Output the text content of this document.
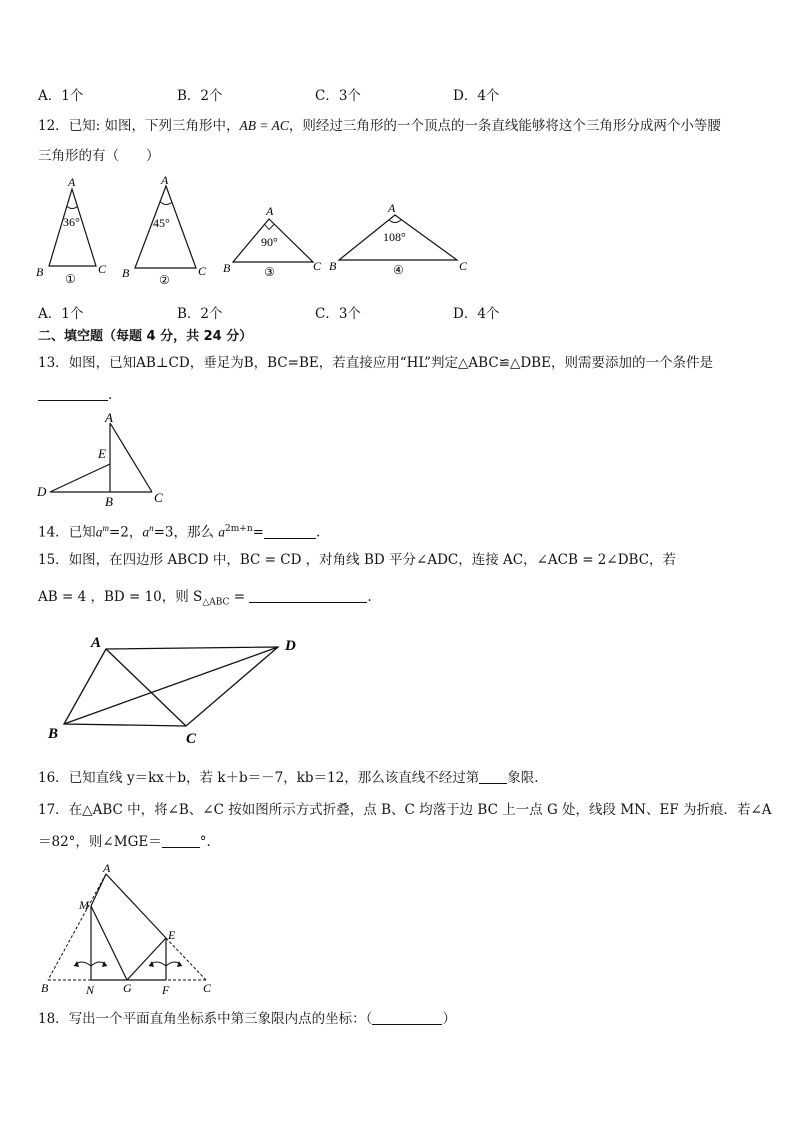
A．1个	B．2个	C．3个	D．4个
12．已知: 如图，下列三角形中，AB = AC，则经过三角形的一个顶点的一条直线能够将这个三角形分成两个小等腰
三角形的有（　　）
A
36°
B	C
①
A
45°
B	C
②
A
90°
B	C
③
A
108°
B	C
④
A．1个	B．2个	C．3个	D．4个
二、填空题（每题 4 分，共 24 分）
13．如图，已知AB⊥CD，垂足为B，BC=BE，若直接应用“HL”判定△ABC≌△DBE，则需要添加的一个条件是
.
A
E
D
B	C
14．已知$a^m=2$，$a^n=3$，那么 $a^{2m+n}=$	.
15．如图，在四边形 ABCD 中，BC = CD ，对角线 BD 平分∠ADC，连接 AC，∠ACB = 2∠DBC，若
AB = 4 ，BD = 10，则 $S_{\triangle ABC}$ =	.
A
B	C
D
16．已知直线 y＝kx＋b，若 k＋b＝－7，kb＝12，那么该直线不经过第 象限.
17．在△ABC 中，将∠B、∠C 按如图所示方式折叠，点 B、C 均落于边 BC 上一点 G 处，线段 MN、EF 为折痕．若∠A
＝82°，则∠MGE＝	°．
A
M
E
B	N G	F	C
18．写出一个平面直角坐标系中第三象限内点的坐标：（	）
